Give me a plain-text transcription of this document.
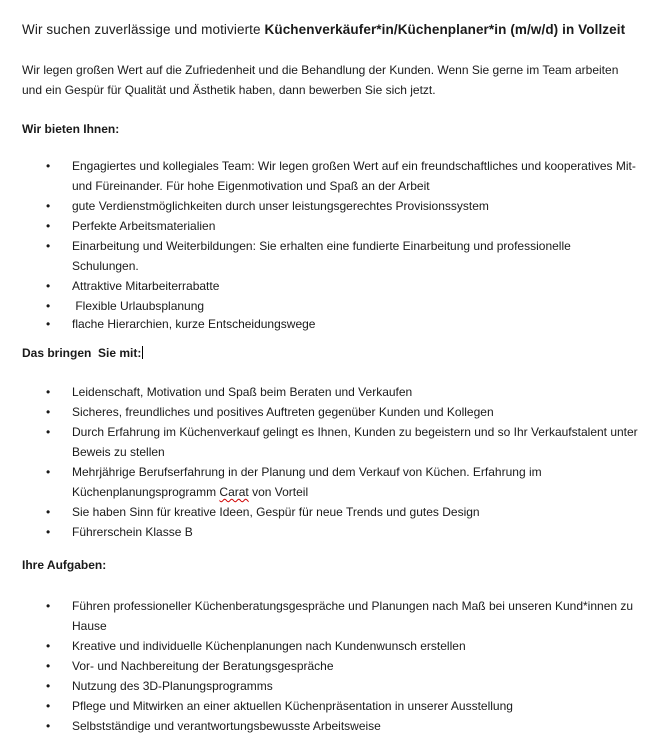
Wir suchen zuverlässige und motivierte Küchenverkäufer*in/Küchenplaner*in (m/w/d) in Vollzeit
Wir legen großen Wert auf die Zufriedenheit und die Behandlung der Kunden. Wenn Sie gerne im Team arbeiten und ein Gespür für Qualität und Ästhetik haben, dann bewerben Sie sich jetzt.
Wir bieten Ihnen:
• Engagiertes und kollegiales Team: Wir legen großen Wert auf ein freundschaftliches und kooperatives Mit- und Füreinander. Für hohe Eigenmotivation und Spaß an der Arbeit
• gute Verdienstmöglichkeiten durch unser leistungsgerechtes Provisionssystem
• Perfekte Arbeitsmaterialien
• Einarbeitung und Weiterbildungen: Sie erhalten eine fundierte Einarbeitung und professionelle Schulungen.
• Attraktive Mitarbeiterrabatte
• Flexible Urlaubsplanung
• flache Hierarchien, kurze Entscheidungswege
Das bringen  Sie mit:
• Leidenschaft, Motivation und Spaß beim Beraten und Verkaufen
• Sicheres, freundliches und positives Auftreten gegenüber Kunden und Kollegen
• Durch Erfahrung im Küchenverkauf gelingt es Ihnen, Kunden zu begeistern und so Ihr Verkaufstalent unter Beweis zu stellen
• Mehrjährige Berufserfahrung in der Planung und dem Verkauf von Küchen. Erfahrung im Küchenplanungsprogramm Carat von Vorteil
• Sie haben Sinn für kreative Ideen, Gespür für neue Trends und gutes Design
• Führerschein Klasse B
Ihre Aufgaben:
• Führen professioneller Küchenberatungsgespräche und Planungen nach Maß bei unseren Kund*innen zu Hause
• Kreative und individuelle Küchenplanungen nach Kundenwunsch erstellen
• Vor- und Nachbereitung der Beratungsgespräche
• Nutzung des 3D-Planungsprogramms
• Pflege und Mitwirken an einer aktuellen Küchenpräsentation in unserer Ausstellung
• Selbstständige und verantwortungsbewusste Arbeitsweise
